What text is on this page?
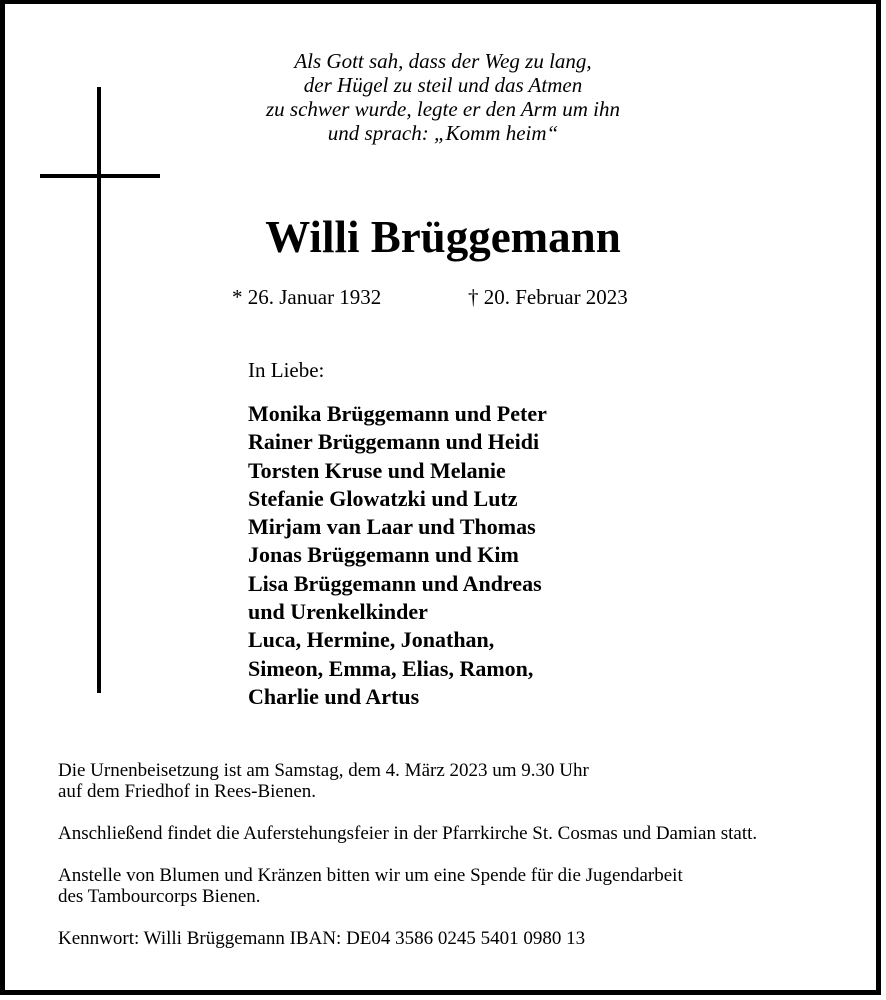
Als Gott sah, dass der Weg zu lang,
der Hügel zu steil und das Atmen
zu schwer wurde, legte er den Arm um ihn
und sprach: „Komm heim“
Willi Brüggemann
* 26. Januar 1932	† 20. Februar 2023
In Liebe:
Monika Brüggemann und Peter
Rainer Brüggemann und Heidi
Torsten Kruse und Melanie
Stefanie Glowatzki und Lutz
Mirjam van Laar und Thomas
Jonas Brüggemann und Kim
Lisa Brüggemann und Andreas
und Urenkelkinder
Luca, Hermine, Jonathan,
Simeon, Emma, Elias, Ramon,
Charlie und Artus

Die Urnenbeisetzung ist am Samstag, dem 4. März 2023 um 9.30 Uhr
auf dem Friedhof in Rees-Bienen.

Anschließend findet die Auferstehungsfeier in der Pfarrkirche St. Cosmas und Damian statt.

Anstelle von Blumen und Kränzen bitten wir um eine Spende für die Jugendarbeit
des Tambourcorps Bienen.

Kennwort: Willi Brüggemann IBAN: DE04 3586 0245 5401 0980 13
